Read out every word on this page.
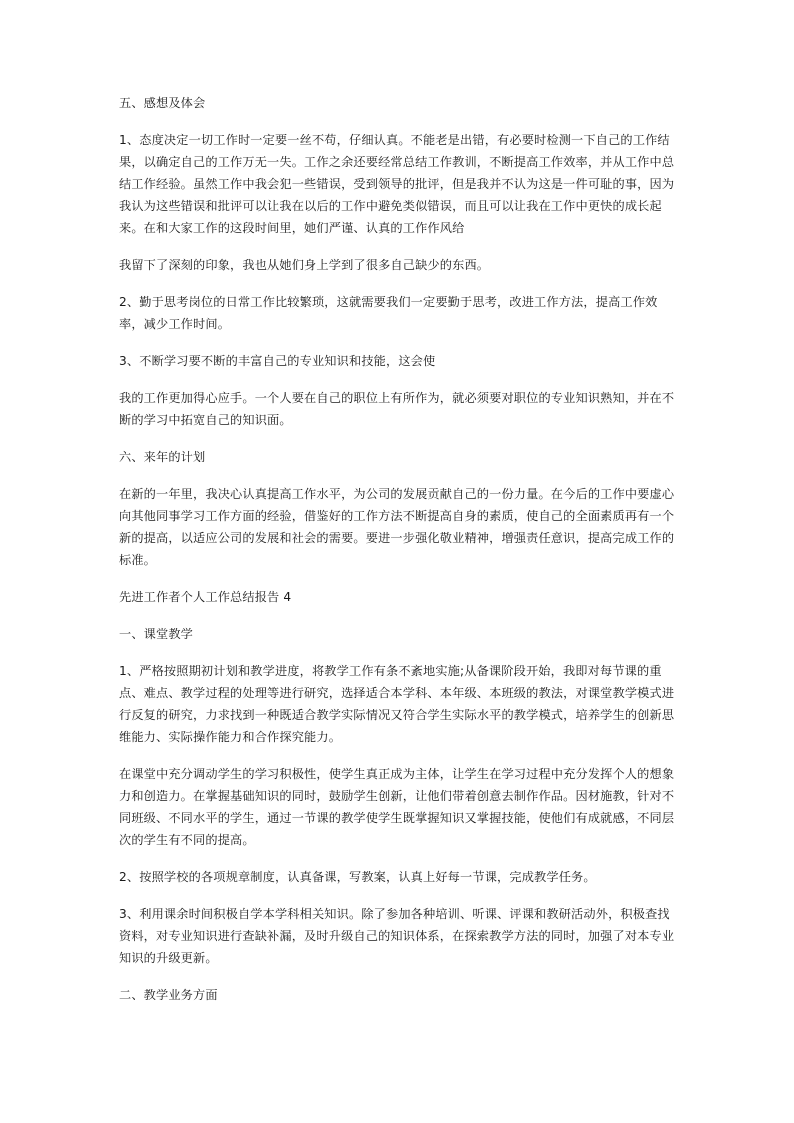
五、感想及体会

1、态度决定一切工作时一定要一丝不苟，仔细认真。不能老是出错，有必要时检测一下自己的工作结果，以确定自己的工作万无一失。工作之余还要经常总结工作教训，不断提高工作效率，并从工作中总结工作经验。虽然工作中我会犯一些错误，受到领导的批评，但是我并不认为这是一件可耻的事，因为我认为这些错误和批评可以让我在以后的工作中避免类似错误，而且可以让我在工作中更快的成长起来。在和大家工作的这段时间里，她们严谨、认真的工作作风给

我留下了深刻的印象，我也从她们身上学到了很多自己缺少的东西。

2、勤于思考岗位的日常工作比较繁琐，这就需要我们一定要勤于思考，改进工作方法，提高工作效率，减少工作时间。

3、不断学习要不断的丰富自己的专业知识和技能，这会使

我的工作更加得心应手。一个人要在自己的职位上有所作为，就必须要对职位的专业知识熟知，并在不断的学习中拓宽自己的知识面。

六、来年的计划

在新的一年里，我决心认真提高工作水平，为公司的发展贡献自己的一份力量。在今后的工作中要虚心向其他同事学习工作方面的经验，借鉴好的工作方法不断提高自身的素质，使自己的全面素质再有一个新的提高，以适应公司的发展和社会的需要。要进一步强化敬业精神，增强责任意识，提高完成工作的标准。

先进工作者个人工作总结报告 4

一、课堂教学

1、严格按照期初计划和教学进度，将教学工作有条不紊地实施;从备课阶段开始，我即对每节课的重点、难点、教学过程的处理等进行研究，选择适合本学科、本年级、本班级的教法，对课堂教学模式进行反复的研究，力求找到一种既适合教学实际情况又符合学生实际水平的教学模式，培养学生的创新思维能力、实际操作能力和合作探究能力。

在课堂中充分调动学生的学习积极性，使学生真正成为主体，让学生在学习过程中充分发挥个人的想象力和创造力。在掌握基础知识的同时，鼓励学生创新，让他们带着创意去制作作品。因材施教，针对不同班级、不同水平的学生，通过一节课的教学使学生既掌握知识又掌握技能，使他们有成就感，不同层次的学生有不同的提高。

2、按照学校的各项规章制度，认真备课，写教案，认真上好每一节课，完成教学任务。

3、利用课余时间积极自学本学科相关知识。除了参加各种培训、听课、评课和教研活动外，积极查找资料，对专业知识进行查缺补漏，及时升级自己的知识体系，在探索教学方法的同时，加强了对本专业知识的升级更新。

二、教学业务方面
